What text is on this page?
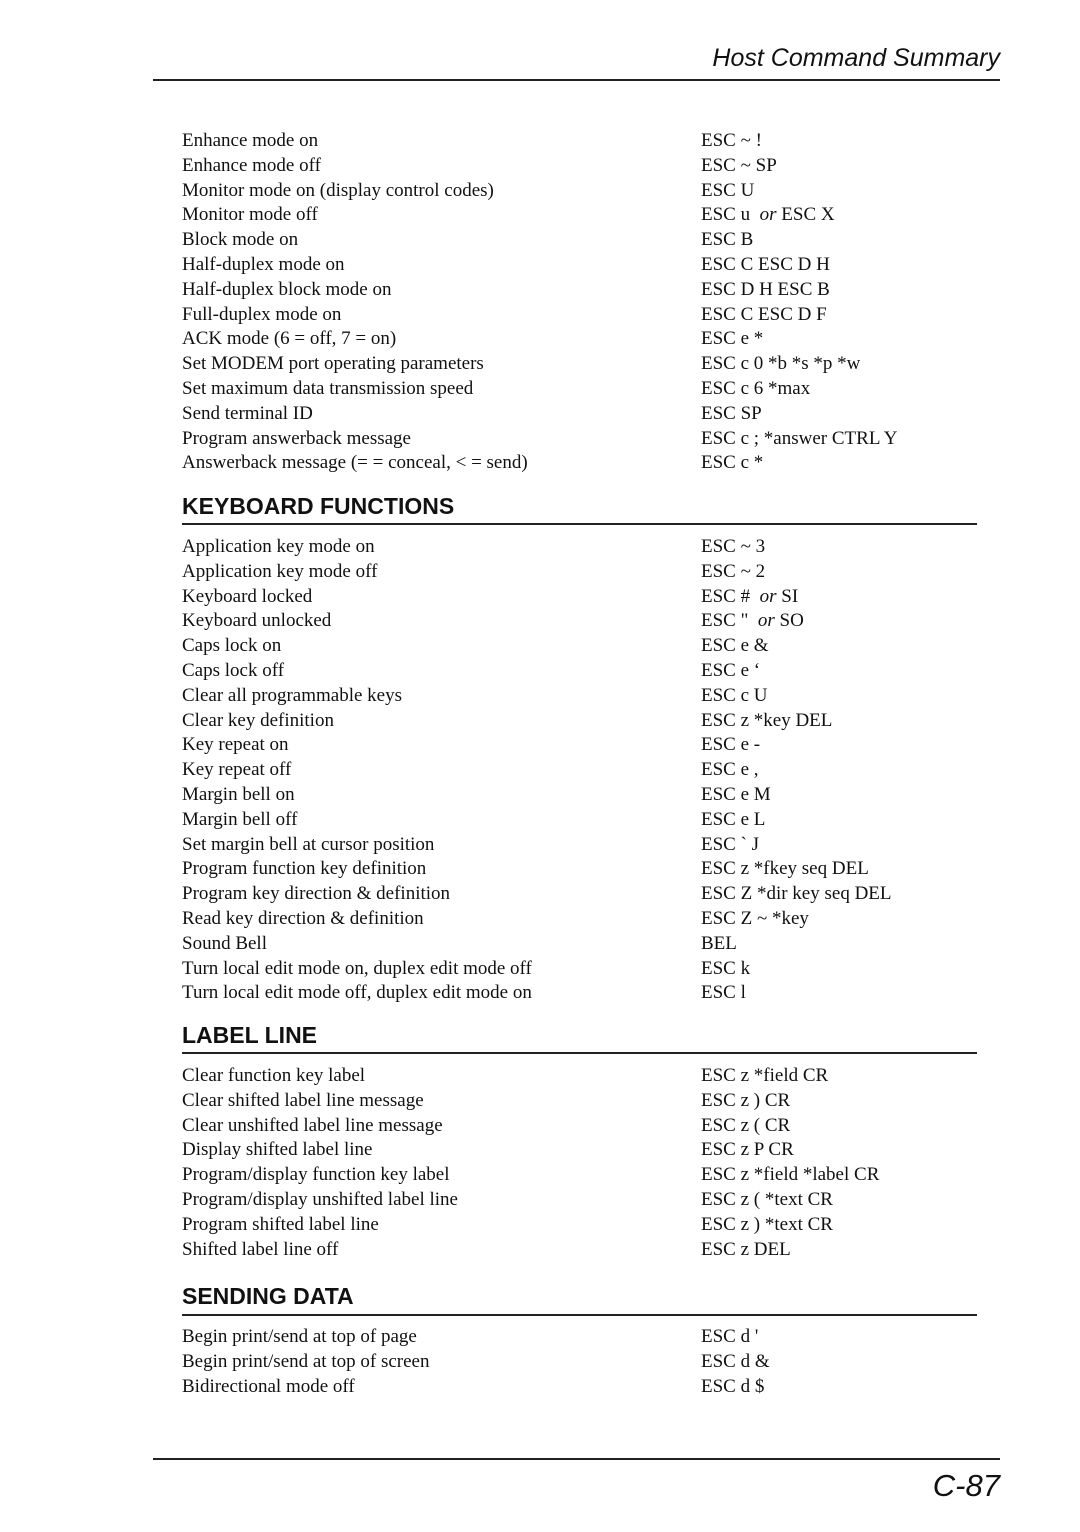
Host Command Summary
Enhance mode on	ESC ~ !
Enhance mode off	ESC ~ SP
Monitor mode on (display control codes)	ESC U
Monitor mode off	ESC u or ESC X
Block mode on	ESC B
Half-duplex mode on	ESC C ESC D H
Half-duplex block mode on	ESC D H ESC B
Full-duplex mode on	ESC C ESC D F
ACK mode (6 = off, 7 = on)	ESC e *
Set MODEM port operating parameters	ESC c 0 *b *s *p *w
Set maximum data transmission speed	ESC c 6 *max
Send terminal ID	ESC SP
Program answerback message	ESC c ; *answer CTRL Y
Answerback message (= = conceal, < = send)	ESC c *
KEYBOARD FUNCTIONS
Application key mode on	ESC ~ 3
Application key mode off	ESC ~ 2
Keyboard locked	ESC # or SI
Keyboard unlocked	ESC " or SO
Caps lock on	ESC e &
Caps lock off	ESC e ‘
Clear all programmable keys	ESC c U
Clear key definition	ESC z *key DEL
Key repeat on	ESC e -
Key repeat off	ESC e ,
Margin bell on	ESC e M
Margin bell off	ESC e L
Set margin bell at cursor position	ESC ` J
Program function key definition	ESC z *fkey seq DEL
Program key direction & definition	ESC Z *dir key seq DEL
Read key direction & definition	ESC Z ~ *key
Sound Bell	BEL
Turn local edit mode on, duplex edit mode off	ESC k
Turn local edit mode off, duplex edit mode on	ESC l
LABEL LINE
Clear function key label	ESC z *field CR
Clear shifted label line message	ESC z ) CR
Clear unshifted label line message	ESC z ( CR
Display shifted label line	ESC z P CR
Program/display function key label	ESC z *field *label CR
Program/display unshifted label line	ESC z ( *text CR
Program shifted label line	ESC z ) *text CR
Shifted label line off	ESC z DEL
SENDING DATA
Begin print/send at top of page	ESC d '
Begin print/send at top of screen	ESC d &
Bidirectional mode off	ESC d $
C-87
